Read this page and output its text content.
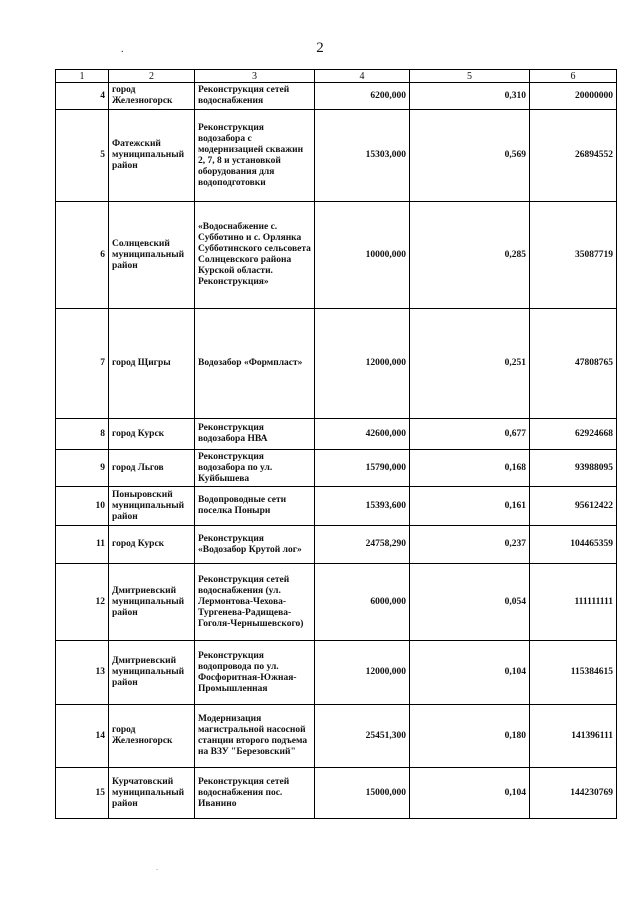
2
.
1	2	3	4	5	6
4	город Железногорск	Реконструкция сетей водоснабжения	6200,000	0,310	20000000
5	Фатежский муниципальный район	Реконструкция водозабора с модернизацией скважин 2, 7, 8 и установкой оборудования для водоподготовки	15303,000	0,569	26894552
6	Солнцевский муниципальный район	«Водоснабжение с. Субботино и с. Орлянка Субботинского сельсовета Солнцевского района Курской области. Реконструкция»	10000,000	0,285	35087719
7	город Щигры	Водозабор «Формпласт»	12000,000	0,251	47808765
8	город Курск	Реконструкция водозабора НВА	42600,000	0,677	62924668
9	город Льгов	Реконструкция водозабора по ул. Куйбышева	15790,000	0,168	93988095
10	Поныровский муниципальный район	Водопроводные сети поселка Поныри	15393,600	0,161	95612422
11	город Курск	Реконструкция «Водозабор Крутой лог»	24758,290	0,237	104465359
12	Дмитриевский муниципальный район	Реконструкция сетей водоснабжения (ул. Лермонтова-Чехова-Тургенева-Радищева-Гоголя-Чернышевского)	6000,000	0,054	111111111
13	Дмитриевский муниципальный район	Реконструкция водопровода по ул. Фосфоритная-Южная-Промышленная	12000,000	0,104	115384615
14	город Железногорск	Модернизация магистральной насосной станции второго подъема на ВЗУ "Березовский"	25451,300	0,180	141396111
15	Курчатовский муниципальный район	Реконструкция сетей водоснабжения пос. Иванино	15000,000	0,104	144230769
.
